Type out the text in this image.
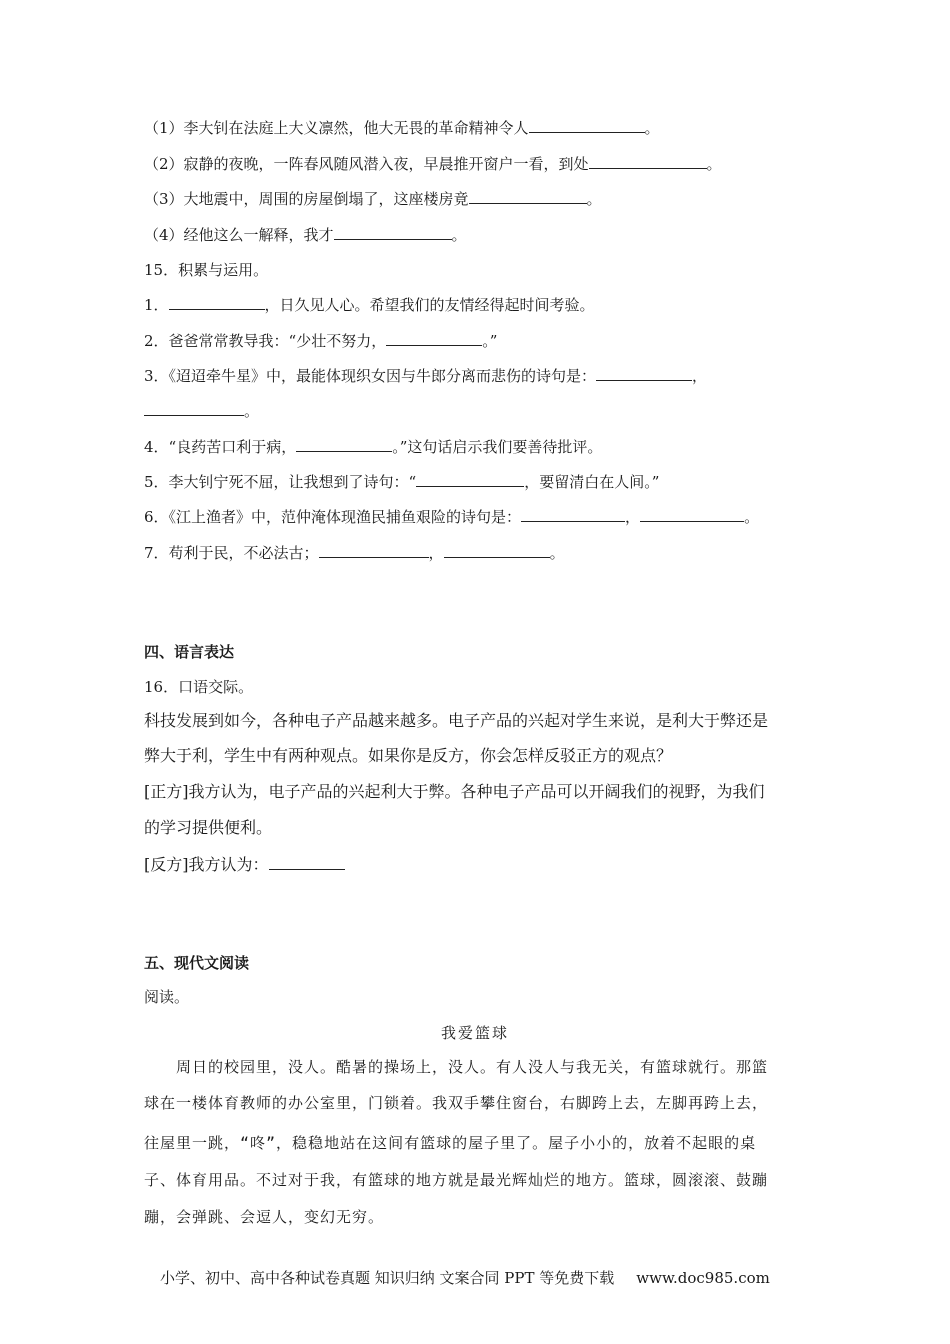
（1）李大钊在法庭上大义凛然，他大无畏的革命精神令人	。
（2）寂静的夜晚，一阵春风随风潜入夜，早晨推开窗户一看，到处	。
（3）大地震中，周围的房屋倒塌了，这座楼房竟	。
（4）经他这么一解释，我才	。
15．积累与运用。
1．	，日久见人心。希望我们的友情经得起时间考验。
2．爸爸常常教导我：“少壮不努力，	。”
3．《迢迢牵牛星》中，最能体现织女因与牛郎分离而悲伤的诗句是：	，
。
4．“良药苦口利于病，	。”这句话启示我们要善待批评。
5．李大钊宁死不屈，让我想到了诗句：“	，要留清白在人间。”
6．《江上渔者》中，范仲淹体现渔民捕鱼艰险的诗句是：	，	。
7．苟利于民，不必法古；	，	。
四、语言表达
16．口语交际。
科技发展到如今，各种电子产品越来越多。电子产品的兴起对学生来说，是利大于弊还是
弊大于利，学生中有两种观点。如果你是反方，你会怎样反驳正方的观点？
[正方]我方认为，电子产品的兴起利大于弊。各种电子产品可以开阔我们的视野，为我们
的学习提供便利。
[反方]我方认为：
五、现代文阅读
阅读。
我爱篮球
　　周日的校园里，没人。酷暑的操场上，没人。有人没人与我无关，有篮球就行。那篮
球在一楼体育教师的办公室里，门锁着。我双手攀住窗台，右脚跨上去，左脚再跨上去，
往屋里一跳，“咚”，稳稳地站在这间有篮球的屋子里了。屋子小小的，放着不起眼的桌
子、体育用品。不过对于我，有篮球的地方就是最光辉灿烂的地方。篮球，圆滚滚、鼓蹦
蹦，会弹跳、会逗人，变幻无穷。
小学、初中、高中各种试卷真题 知识归纳 文案合同 PPT 等免费下载 www.doc985.com
